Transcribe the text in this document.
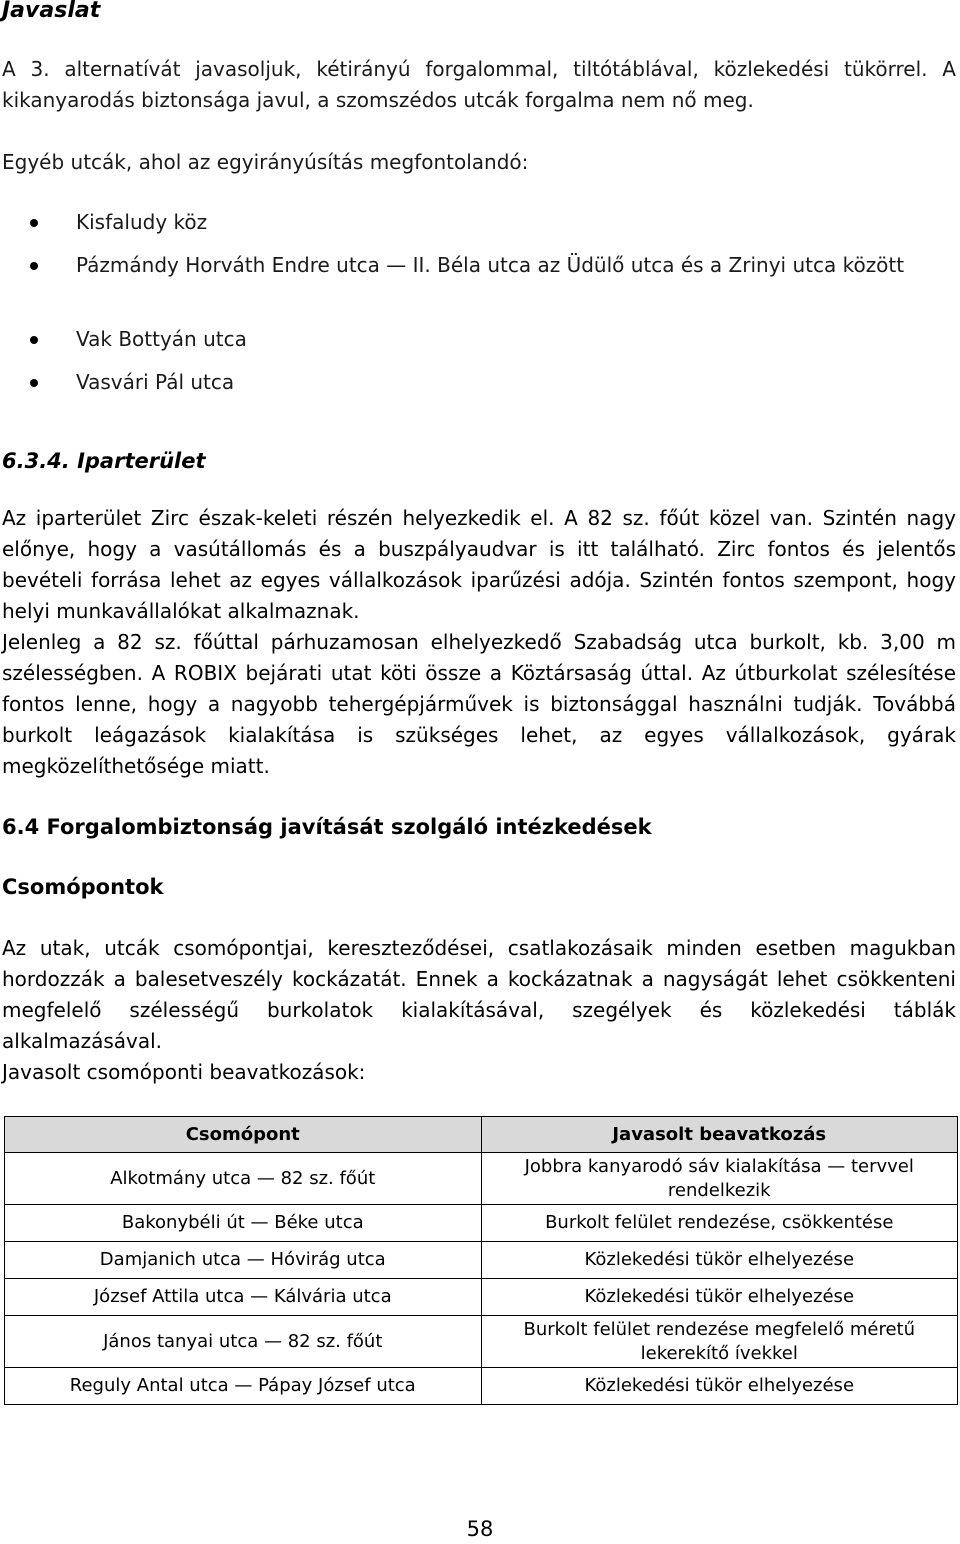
Javaslat

A 3. alternatívát javasoljuk, kétirányú forgalommal, tiltótáblával, közlekedési tükörrel. A kikanyarodás biztonsága javul, a szomszédos utcák forgalma nem nő meg.

Egyéb utcák, ahol az egyirányúsítás megfontolandó:

Kisfaludy köz
Pázmándy Horváth Endre utca — II. Béla utca az Üdülő utca és a Zrinyi utca között
Vak Bottyán utca
Vasvári Pál utca
6.3.4. Iparterület

Az iparterület Zirc észak-keleti részén helyezkedik el. A 82 sz. főút közel van. Szintén nagy előnye, hogy a vasútállomás és a buszpályaudvar is itt található. Zirc fontos és jelentős bevételi forrása lehet az egyes vállalkozások iparűzési adója. Szintén fontos szempont, hogy helyi munkavállalókat alkalmaznak.

Jelenleg a 82 sz. főúttal párhuzamosan elhelyezkedő Szabadság utca burkolt, kb. 3,00 m szélességben. A ROBIX bejárati utat köti össze a Köztársaság úttal. Az útburkolat szélesítése fontos lenne, hogy a nagyobb tehergépjárművek is biztonsággal használni tudják. Továbbá burkolt leágazások kialakítása is szükséges lehet, az egyes vállalkozások, gyárak megközelíthetősége miatt.

6.4 Forgalombiztonság javítását szolgáló intézkedések
Csomópontok

Az utak, utcák csomópontjai, kereszteződései, csatlakozásaik minden esetben magukban hordozzák a balesetveszély kockázatát. Ennek a kockázatnak a nagyságát lehet csökkenteni megfelelő szélességű burkolatok kialakításával, szegélyek és közlekedési táblák alkalmazásával.

Javasolt csomóponti beavatkozások:

Csomópont	Javasolt beavatkozás
Alkotmány utca — 82 sz. főút	Jobbra kanyarodó sáv kialakítása — tervvel rendelkezik
Bakonybéli út — Béke utca	Burkolt felület rendezése, csökkentése
Damjanich utca — Hóvirág utca	Közlekedési tükör elhelyezése
József Attila utca — Kálvária utca	Közlekedési tükör elhelyezése
János tanyai utca — 82 sz. főút	Burkolt felület rendezése megfelelő méretű lekerekítő ívekkel
Reguly Antal utca — Pápay József utca	Közlekedési tükör elhelyezése
58
